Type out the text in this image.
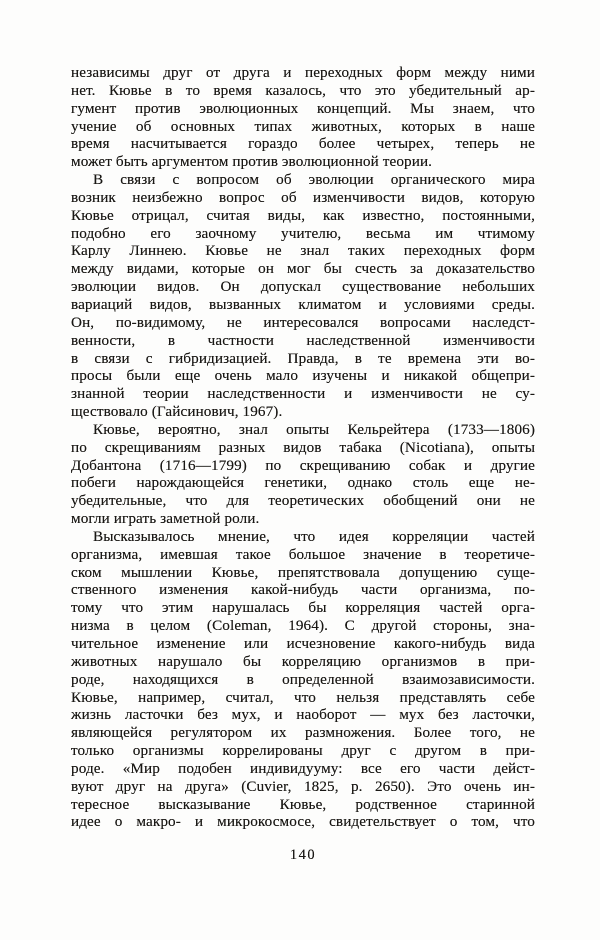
независимы друг от друга и переходных форм между ними
нет. Кювье в то время казалось, что это убедительный ар-
гумент против эволюционных концепций. Мы знаем, что
учение об основных типах животных, которых в наше
время насчитывается гораздо более четырех, теперь не
может быть аргументом против эволюционной теории.
В связи с вопросом об эволюции органического мира
возник неизбежно вопрос об изменчивости видов, которую
Кювье отрицал, считая виды, как известно, постоянными,
подобно его заочному учителю, весьма им чтимому
Карлу Линнею. Кювье не знал таких переходных форм
между видами, которые он мог бы счесть за доказательство
эволюции видов. Он допускал существование небольших
вариаций видов, вызванных климатом и условиями среды.
Он, по-видимому, не интересовался вопросами наследст-
венности, в частности наследственной изменчивости
в связи с гибридизацией. Правда, в те времена эти во-
просы были еще очень мало изучены и никакой общепри-
знанной теории наследственности и изменчивости не су-
ществовало (Гайсинович, 1967).
Кювье, вероятно, знал опыты Кельрейтера (1733—1806)
по скрещиваниям разных видов табака (Nicotiana), опыты
Добантона (1716—1799) по скрещиванию собак и другие
побеги нарождающейся генетики, однако столь еще не-
убедительные, что для теоретических обобщений они не
могли играть заметной роли.
Высказывалось мнение, что идея корреляции частей
организма, имевшая такое большое значение в теоретиче-
ском мышлении Кювье, препятствовала допущению суще-
ственного изменения какой-нибудь части организма, по-
тому что этим нарушалась бы корреляция частей орга-
низма в целом (Coleman, 1964). С другой стороны, зна-
чительное изменение или исчезновение какого-нибудь вида
животных нарушало бы корреляцию организмов в при-
роде, находящихся в определенной взаимозависимости.
Кювье, например, считал, что нельзя представлять себе
жизнь ласточки без мух, и наоборот — мух без ласточки,
являющейся регулятором их размножения. Более того, не
только организмы коррелированы друг с другом в при-
роде. «Мир подобен индивидууму: все его части дейст-
вуют друг на друга» (Cuvier, 1825, p. 2650). Это очень ин-
тересное высказывание Кювье, родственное старинной
идее о макро- и микрокосмосе, свидетельствует о том, что
140
